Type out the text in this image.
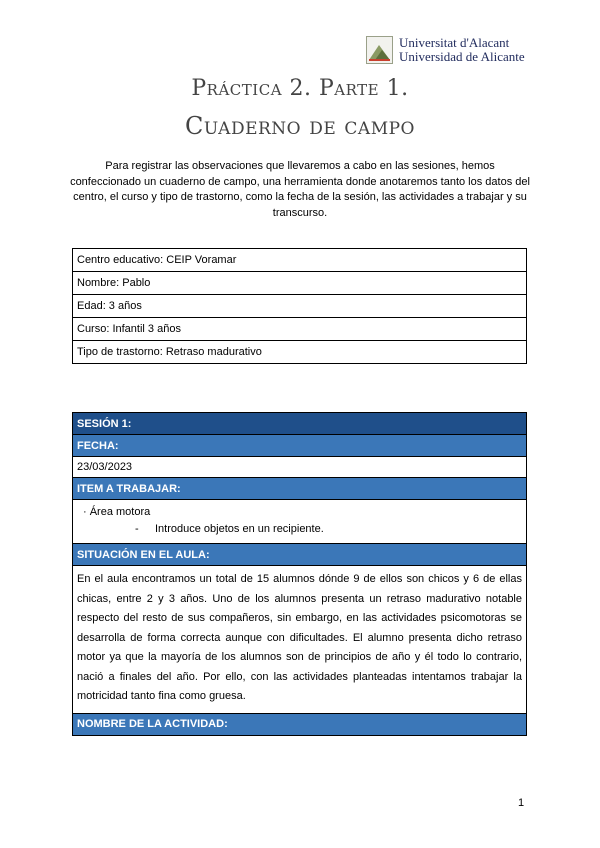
Universitat d'Alacant
Universidad de Alicante
Práctica 2. Parte 1.
Cuaderno de campo
Para registrar las observaciones que llevaremos a cabo en las sesiones, hemos confeccionado un cuaderno de campo, una herramienta donde anotaremos tanto los datos del centro, el curso y tipo de trastorno, como la fecha de la sesión, las actividades a trabajar y su transcurso.
Centro educativo: CEIP Voramar
Nombre: Pablo
Edad: 3 años
Curso: Infantil 3 años
Tipo de trastorno: Retraso madurativo
SESIÓN 1:
FECHA:
23/03/2023
ITEM A TRABAJAR:

· Área motora
- Introduce objetos en un recipiente.

SITUACIÓN EN EL AULA:
En el aula encontramos un total de 15 alumnos dónde 9 de ellos son chicos y 6 de ellas chicas, entre 2 y 3 años. Uno de los alumnos presenta un retraso madurativo notable respecto del resto de sus compañeros, sin embargo, en las actividades psicomotoras se desarrolla de forma correcta aunque con dificultades. El alumno presenta dicho retraso motor ya que la mayoría de los alumnos son de principios de año y él todo lo contrario, nació a finales del año. Por ello, con las actividades planteadas intentamos trabajar la motricidad tanto fina como gruesa.
NOMBRE DE LA ACTIVIDAD:
1
